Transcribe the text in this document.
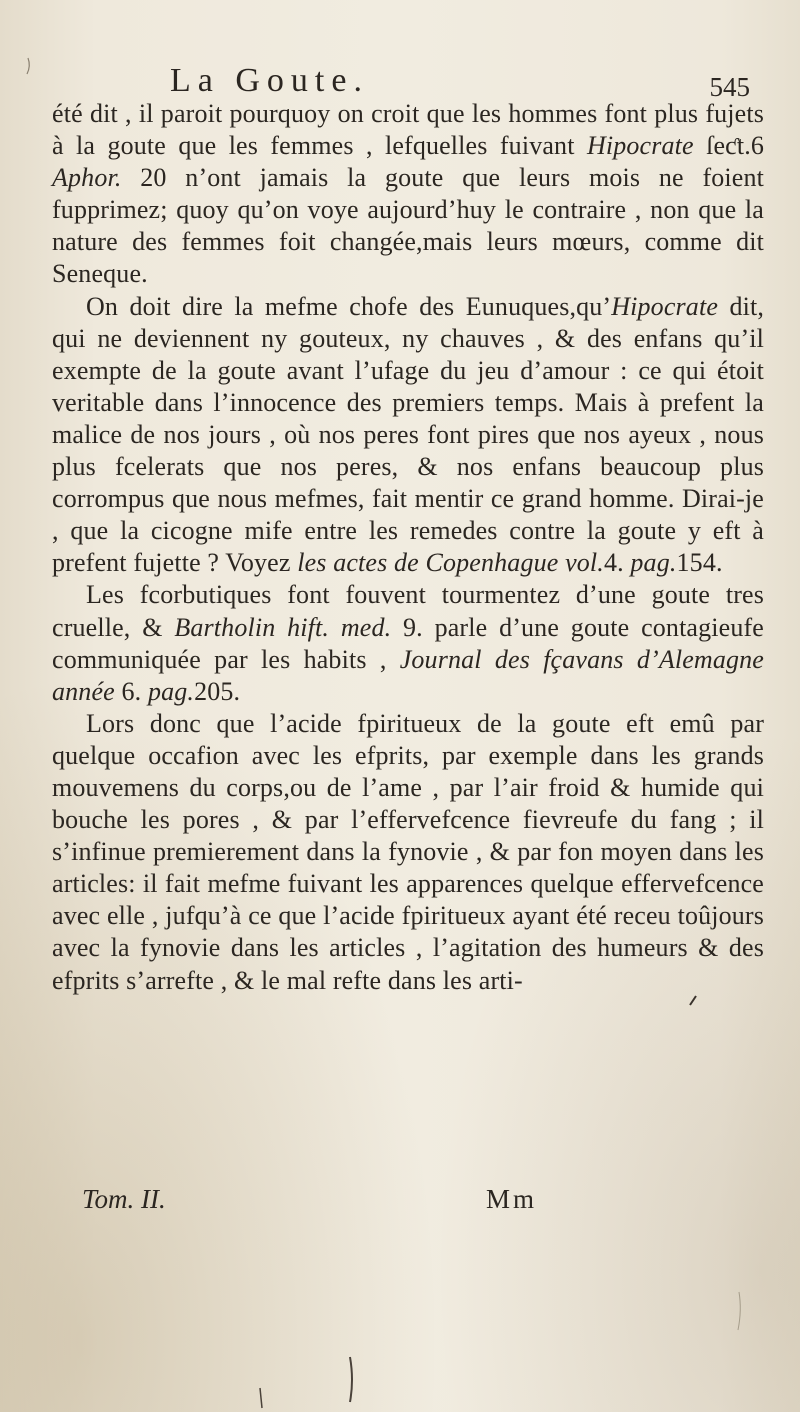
La Goute.	545

été dit , il paroit pourquoy on croit que les hommes font plus fujets à la goute que les femmes , lefquelles fuivant Hipocrate ſeƈt.6 Aphor. 20 n’ont jamais la goute que leurs mois ne foient fupprimez; quoy qu’on voye aujourd’huy le contraire , non que la nature des femmes foit changée,mais leurs mœurs, comme dit Seneque.

On doit dire la mefme chofe des Eunuques,qu’Hipocrate dit, qui ne deviennent ny gouteux, ny chauves , & des enfans qu’il exempte de la goute avant l’ufage du jeu d’amour : ce qui étoit veritable dans l’innocence des premiers temps. Mais à prefent la malice de nos jours , où nos peres font pires que nos ayeux , nous plus fcelerats que nos peres, & nos enfans beaucoup plus corrompus que nous mefmes, fait mentir ce grand homme. Dirai-je , que la cicogne mife entre les remedes contre la goute y eft à prefent fujette ? Voyez les actes de Copenhague vol.4. pag.154.

Les fcorbutiques font fouvent tourmentez d’une goute tres cruelle, & Bartholin hift. med. 9. parle d’une goute contagieufe communiquée par les habits , Journal des fçavans d’Alemagne année 6. pag.205.

Lors donc que l’acide fpiritueux de la goute eft emû par quelque occafion avec les efprits, par exemple dans les grands mouvemens du corps,ou de l’ame , par l’air froid & humide qui bouche les pores , & par l’effervefcence fievreufe du fang ; il s’infinue premierement dans la fynovie , & par fon moyen dans les articles: il fait mefme fuivant les apparences quelque effervefcence avec elle , jufqu’à ce que l’acide fpiritueux ayant été receu toûjours avec la fynovie dans les articles , l’agitation des humeurs & des efprits s’arrefte , & le mal refte dans les arti-

Tom. II.	Mm
